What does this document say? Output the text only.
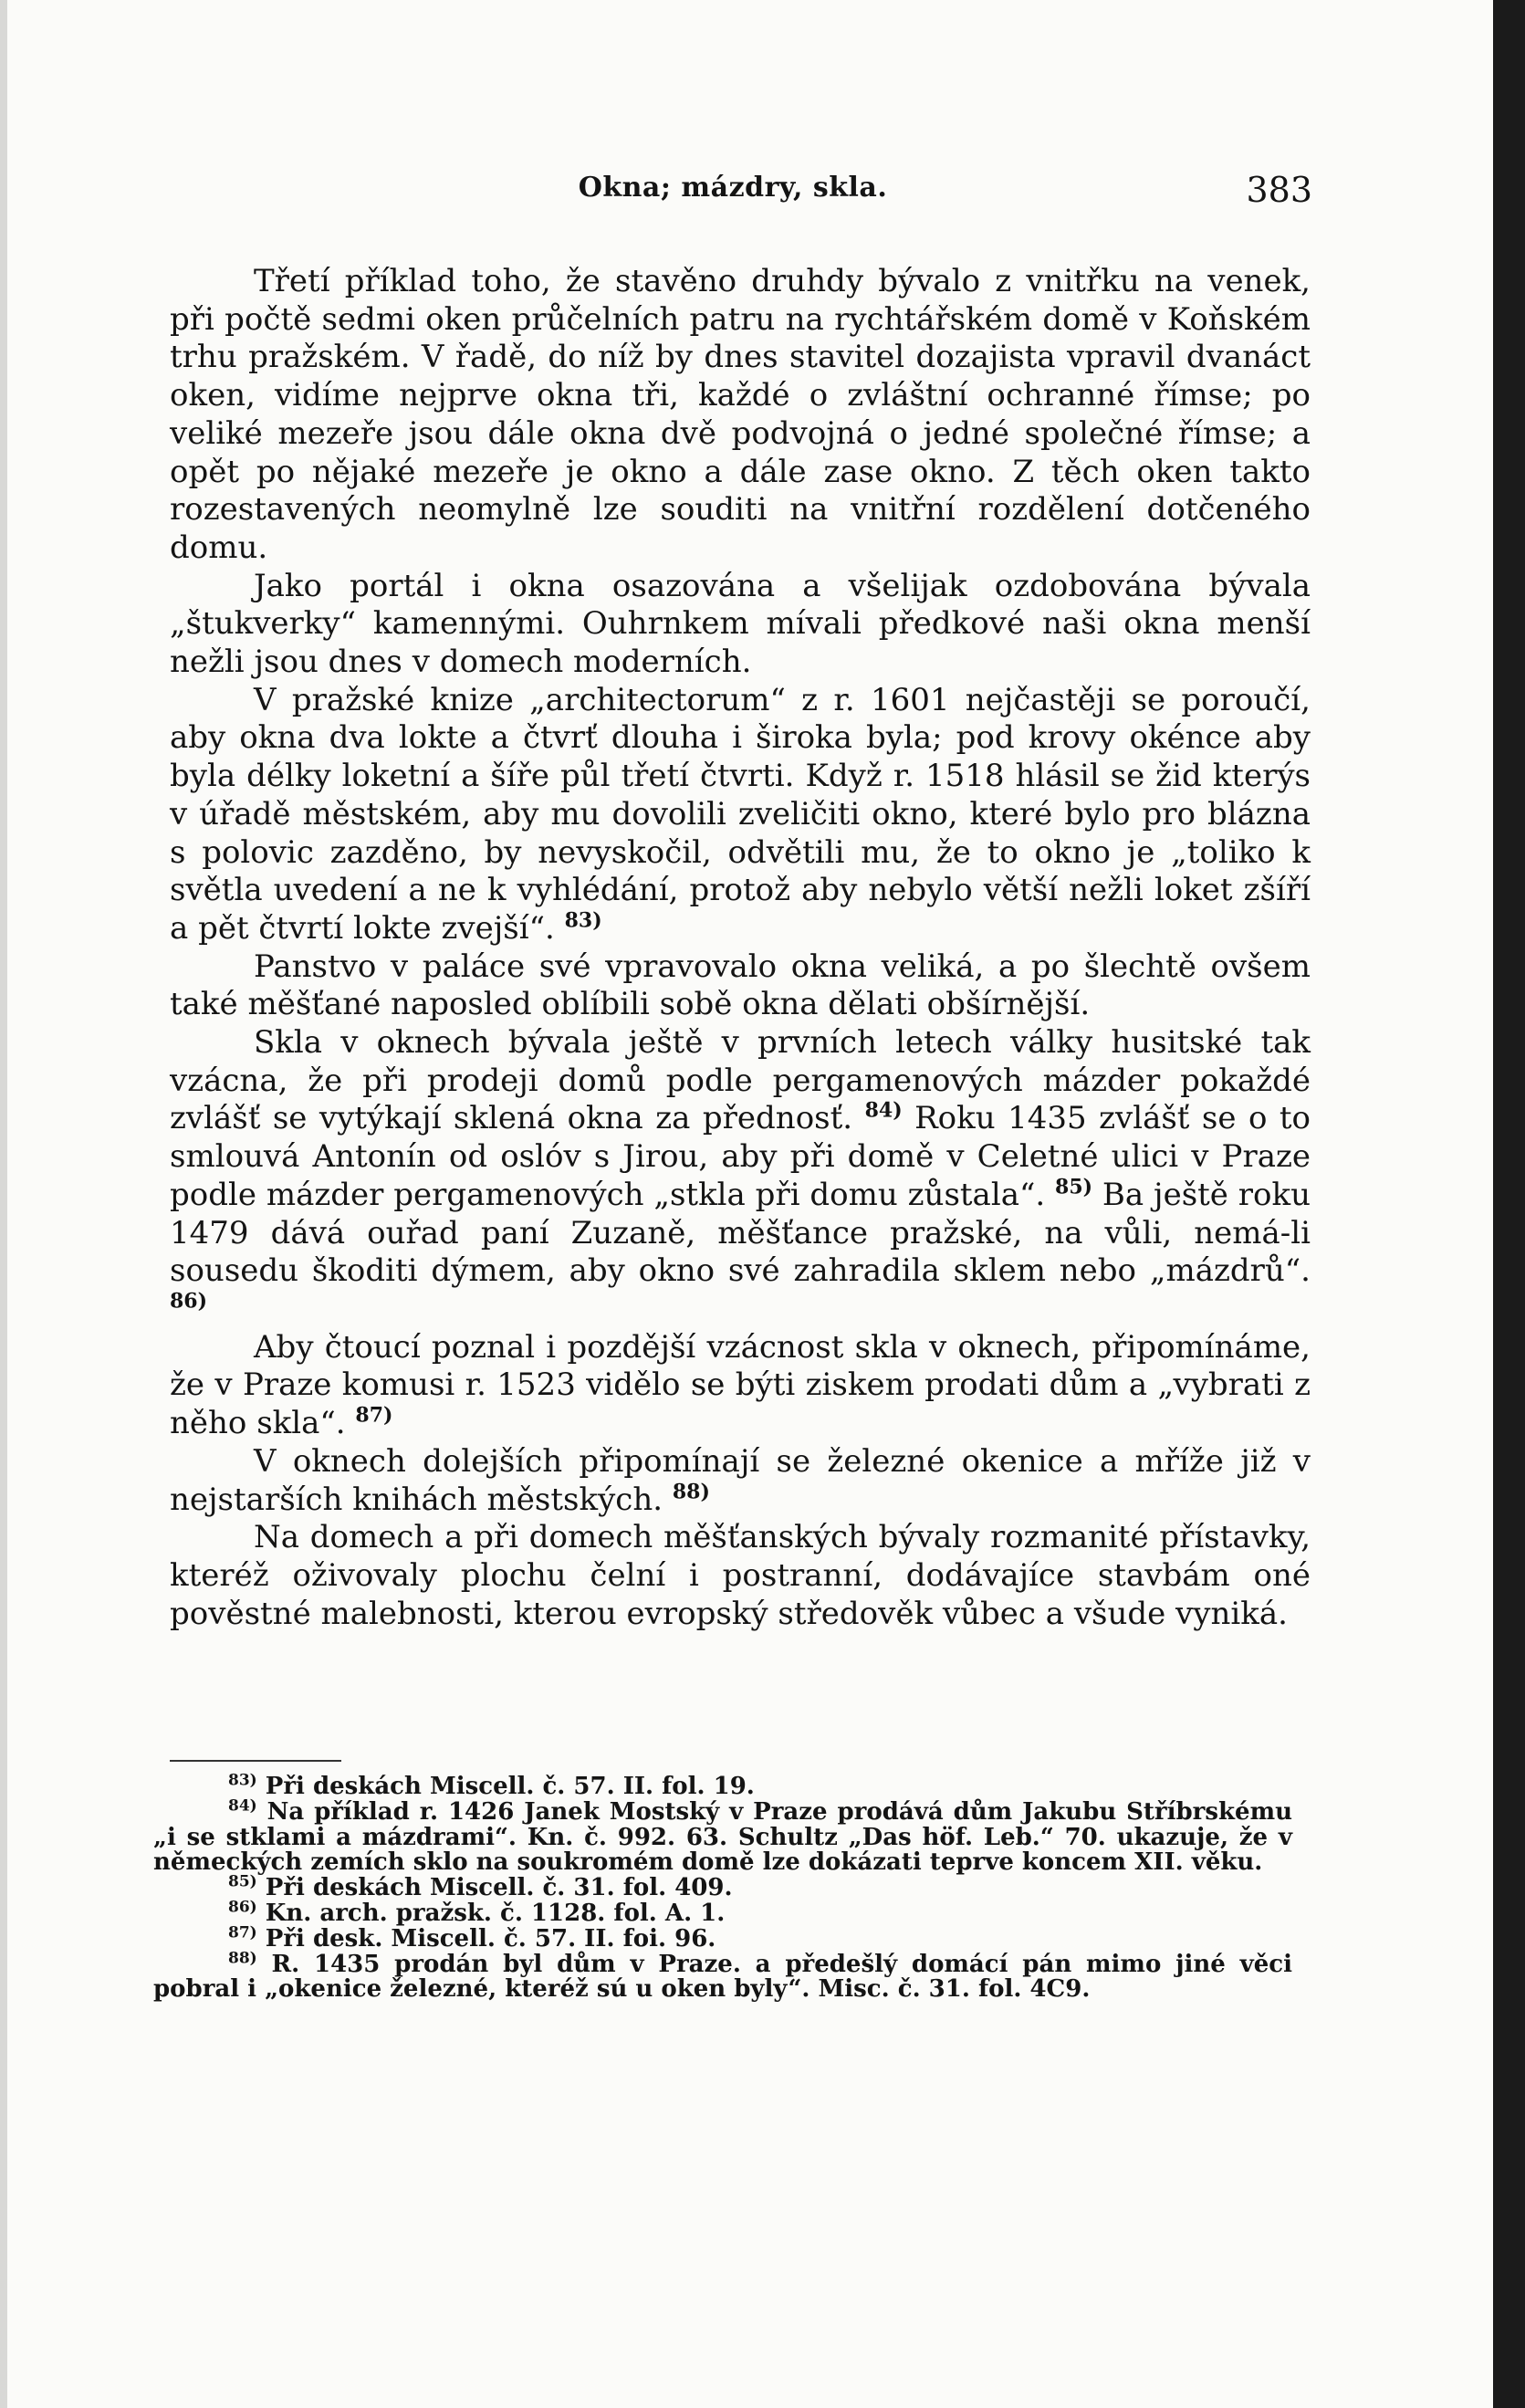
Okna; mázdry, skla.	383

Třetí příklad toho, že stavěno druhdy bývalo z vnitřku na venek, při počtě sedmi oken průčelních patru na rychtářském domě v Koňském trhu pražském. V řadě, do níž by dnes stavitel dozajista vpravil dvanáct oken, vidíme nejprve okna tři, každé o zvláštní ochranné římse; po veliké mezeře jsou dále okna dvě podvojná o jedné společné římse; a opět po nějaké mezeře je okno a dále zase okno. Z těch oken takto rozestavených neomylně lze souditi na vnitřní rozdělení dotčeného domu.

Jako portál i okna osazována a všelijak ozdobována bývala „štukverky“ kamennými. Ouhrnkem mívali předkové naši okna menší nežli jsou dnes v domech moderních.

V pražské knize „architectorum“ z r. 1601 nejčastěji se poroučí, aby okna dva lokte a čtvrť dlouha i široka byla; pod krovy okénce aby byla délky loketní a šíře půl třetí čtvrti. Když r. 1518 hlásil se žid kterýs v úřadě městském, aby mu dovolili zveličiti okno, které bylo pro blázna s polovic zazděno, by nevyskočil, odvětili mu, že to okno je „toliko k světla uvedení a ne k vyhlédání, protož aby nebylo větší nežli loket zšíří a pět čtvrtí lokte zvejší“. $^{83)}$

Panstvo v paláce své vpravovalo okna veliká, a po šlechtě ovšem také měšťané naposled oblíbili sobě okna dělati obšírnější.

Skla v oknech bývala ještě v prvních letech války husitské tak vzácna, že při prodeji domů podle pergamenových mázder pokaždé zvlášť se vytýkají sklená okna za přednosť. $^{84)}$ Roku 1435 zvlášť se o to smlouvá Antonín od oslóv s Jirou, aby při domě v Celetné ulici v Praze podle mázder pergamenových „stkla při domu zůstala“. $^{85)}$ Ba ještě roku 1479 dává ouřad paní Zuzaně, měšťance pražské, na vůli, nemá-li sousedu škoditi dýmem, aby okno své zahradila sklem nebo „mázdrů“. $^{86)}$

Aby čtoucí poznal i pozdější vzácnost skla v oknech, připomínáme, že v Praze komusi r. 1523 vidělo se býti ziskem prodati dům a „vybrati z něho skla“. $^{87)}$

V oknech dolejších připomínají se železné okenice a mříže již v nejstarších knihách městských. $^{88)}$

Na domech a při domech měšťanských bývaly rozmanité přístavky, kteréž oživovaly plochu čelní i postranní, dodávajíce stavbám oné pověstné malebnosti, kterou evropský středověk vůbec a všude vyniká.

$^{83)}$ Při deskách Miscell. č. 57. II. fol. 19.

$^{84)}$ Na příklad r. 1426 Janek Mostský v Praze prodává dům Jakubu Stříbrskému „i se stklami a mázdrami“. Kn. č. 992. 63. Schultz „Das höf. Leb.“ 70. ukazuje, že v německých zemích sklo na soukromém domě lze dokázati teprve koncem XII. věku.

$^{85)}$ Při deskách Miscell. č. 31. fol. 409.

$^{86)}$ Kn. arch. pražsk. č. 1128. fol. A. 1.

$^{87)}$ Při desk. Miscell. č. 57. II. foi. 96.

$^{88)}$ R. 1435 prodán byl dům v Praze. a předešlý domácí pán mimo jiné věci pobral i „okenice železné, kteréž sú u oken byly“. Misc. č. 31. fol. 4C9.
